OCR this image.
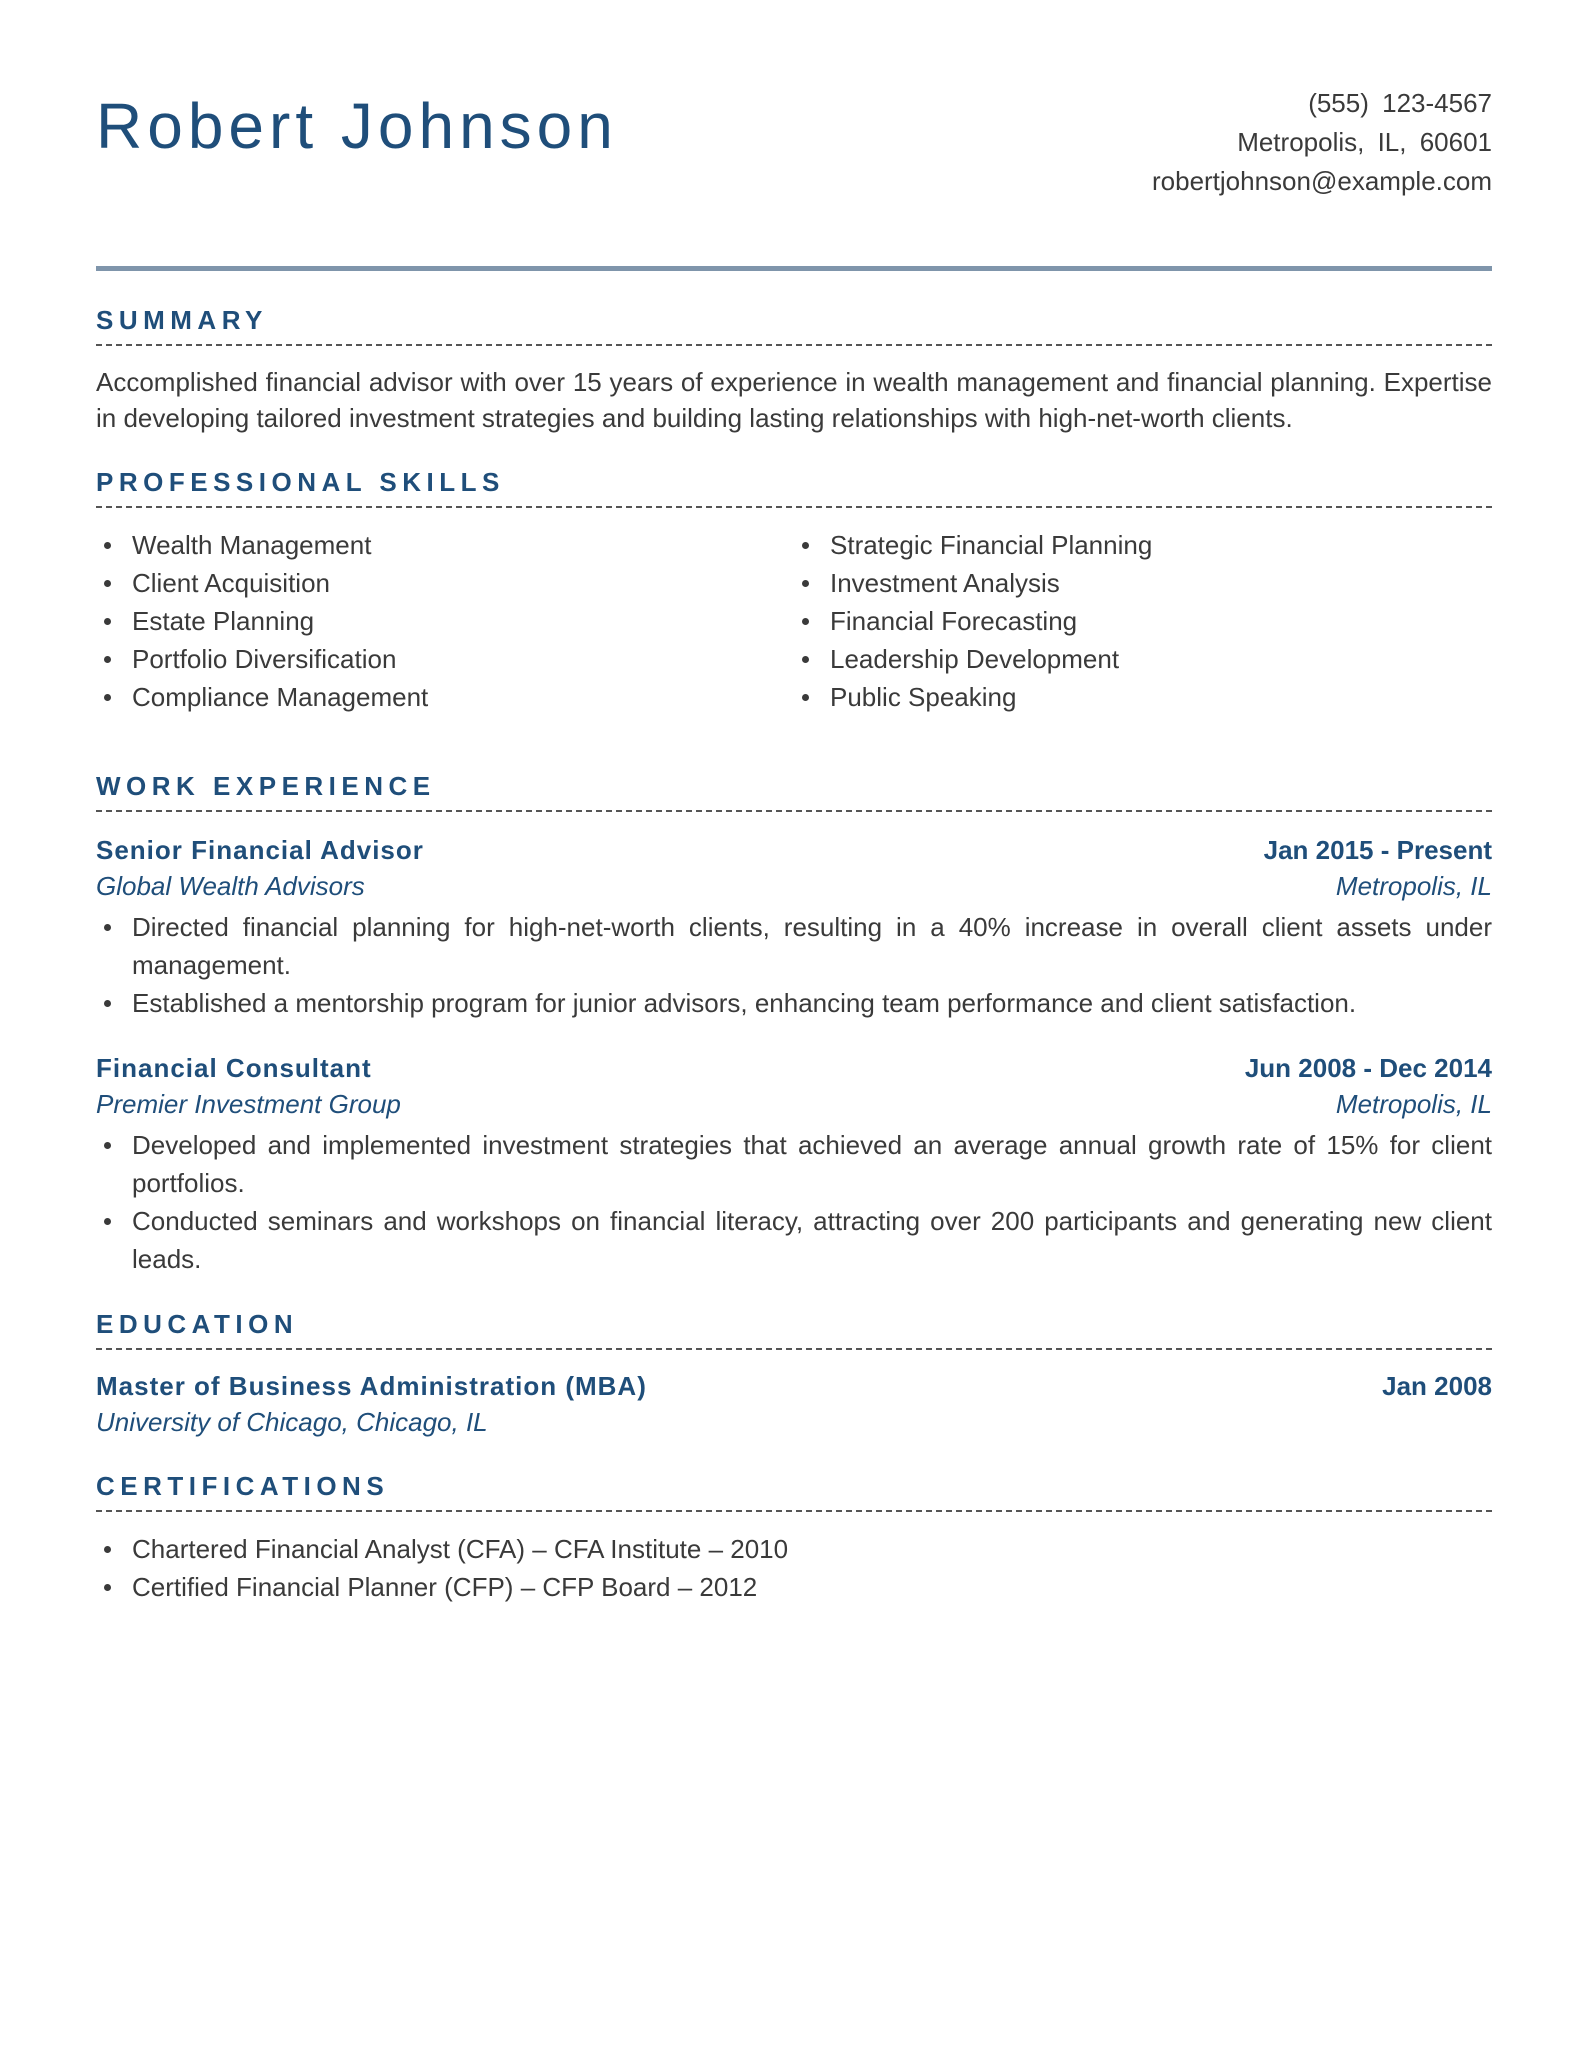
Robert Johnson	(555) 123-4567
Metropolis, IL, 60601
robertjohnson@example.com
SUMMARY

Accomplished financial advisor with over 15 years of experience in wealth management and financial planning. Expertise in developing tailored investment strategies and building lasting relationships with high-net-worth clients.

PROFESSIONAL SKILLS
Wealth Management
Client Acquisition
Estate Planning
Portfolio Diversification
Compliance Management
Strategic Financial Planning
Investment Analysis
Financial Forecasting
Leadership Development
Public Speaking
WORK EXPERIENCE
Senior Financial Advisor	Jan 2015 - Present
Global Wealth Advisors	Metropolis, IL
Directed financial planning for high-net-worth clients, resulting in a 40% increase in overall client assets under management.
Established a mentorship program for junior advisors, enhancing team performance and client satisfaction.
Financial Consultant	Jun 2008 - Dec 2014
Premier Investment Group	Metropolis, IL
Developed and implemented investment strategies that achieved an average annual growth rate of 15% for client portfolios.
Conducted seminars and workshops on financial literacy, attracting over 200 participants and generating new client leads.
EDUCATION
Master of Business Administration (MBA)	Jan 2008
University of Chicago, Chicago, IL
CERTIFICATIONS
Chartered Financial Analyst (CFA) – CFA Institute – 2010
Certified Financial Planner (CFP) – CFP Board – 2012
